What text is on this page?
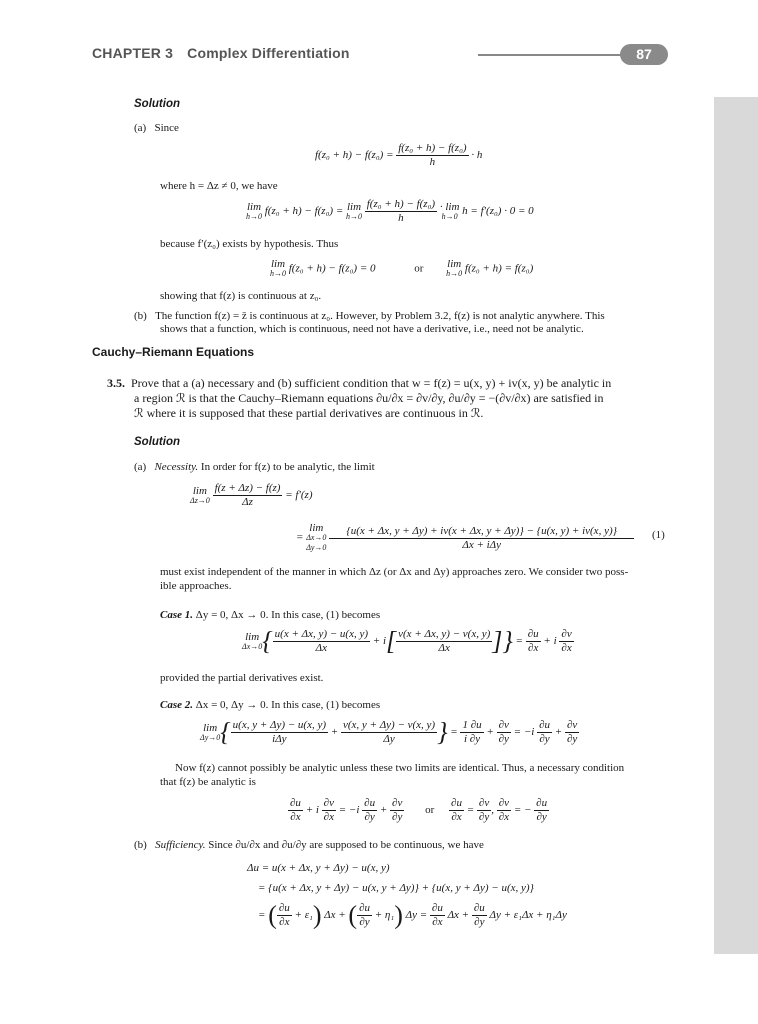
CHAPTER 3 Complex Differentiation	87
Solution
(a) Since
$f(z_0 + h) - f(z_0) = \frac{\text{f(z₀ + h) − f(z₀)}}{h} \cdot h$
where h = Δz ≠ 0, we have
lim
h→0 f(z₀ + h) − f(z₀) = lim
h→0
$\frac{\text{f(z₀ + h) − f(z₀)}}{h} \cdot \lim$
h→0 h = f′(z₀) · 0 = 0
because f′(z₀) exists by hypothesis. Thus
lim
h→0 f(z₀ + h) − f(z₀) = 0	or lim
h→0 f(z₀ + h) = f(z₀)
showing that f(z) is continuous at z₀.
(b) The function f(z) = z̄ is continuous at z₀. However, by Problem 3.2, f(z) is not analytic anywhere. This
shows that a function, which is continuous, need not have a derivative, i.e., need not be analytic.
Cauchy–Riemann Equations
3.5. Prove that a (a) necessary and (b) sufficient condition that w = f(z) = u(x, y) + iv(x, y) be analytic in
a region ℛ is that the Cauchy–Riemann equations ∂u/∂x = ∂v/∂y, ∂u/∂y = −(∂v/∂x) are satisfied in
ℛ where it is supposed that these partial derivatives are continuous in ℛ.
Solution
(a) Necessity. In order for f(z) to be analytic, the limit
lim
Δz→0
$\frac{f(z + \Delta z) - f(z)}{\Delta z} = f'(z)$
= lim
Δx→0
Δy→0

{u(x + Δx, y + Δy) + iv(x + Δx, y + Δy)} − {u(x, y) + iv(x, y)}
Δx + iΔy
(1)
must exist independent of the manner in which Δz (or Δx and Δy) approaches zero. We consider two poss-
ible approaches.
Case 1. Δy = 0, Δx → 0. In this case, (1) becomes
lim
Δx→0 { $\frac{u(x + \Delta x, y) - u(x, y)}{\Delta x} + i[ \frac{v(x + \Delta x, y) - v(x, y)}{\Delta x}$ ]} = $\frac{\partial u}{\partial x} + i \frac{\partial v}{\partial x}$
provided the partial derivatives exist.
Case 2. Δx = 0, Δy → 0. In this case, (1) becomes
lim
Δy→0 { $\frac{u(x, y + \Delta y) - u(x, y)}{\text{iΔy}} + \frac{v(x, y + \Delta y) - v(x, y)}{\Delta y}$ } = $\frac{1 \partial u}{i \partial y} + \frac{\partial v}{\partial y} = -i \frac{\partial u}{\partial y} + \frac{\partial v}{\partial y}$
Now f(z) cannot possibly be analytic unless these two limits are identical. Thus, a necessary condition
that f(z) be analytic is
$\frac{\partial u}{\partial x} + i \frac{\partial v}{\partial x} = -i \frac{\partial u}{\partial y} + \frac{\partial v}{\partial y}$ or $\frac{\partial u}{\partial x} = \frac{\partial v}{\partial y}$ , $\frac{\partial v}{\partial x}$ = − $\frac{\partial u}{\partial y}$
(b) Sufficiency. Since ∂u/∂x and ∂u/∂y are supposed to be continuous, we have
Δu = u(x + Δx, y + Δy) − u(x, y)
= {u(x + Δx, y + Δy) − u(x, y + Δy)} + {u(x, y + Δy) − u(x, y)}
= ( $\frac{\partial u}{\partial x} + \varepsilon_1$) Δx + ( $\frac{\partial u}{\partial y} + \eta_1$) $\Delta y = \frac{\partial u}{\partial x}$ $\Delta x + \frac{\partial u}{\partial y}$ Δy + ε₁Δx + η₁Δy
